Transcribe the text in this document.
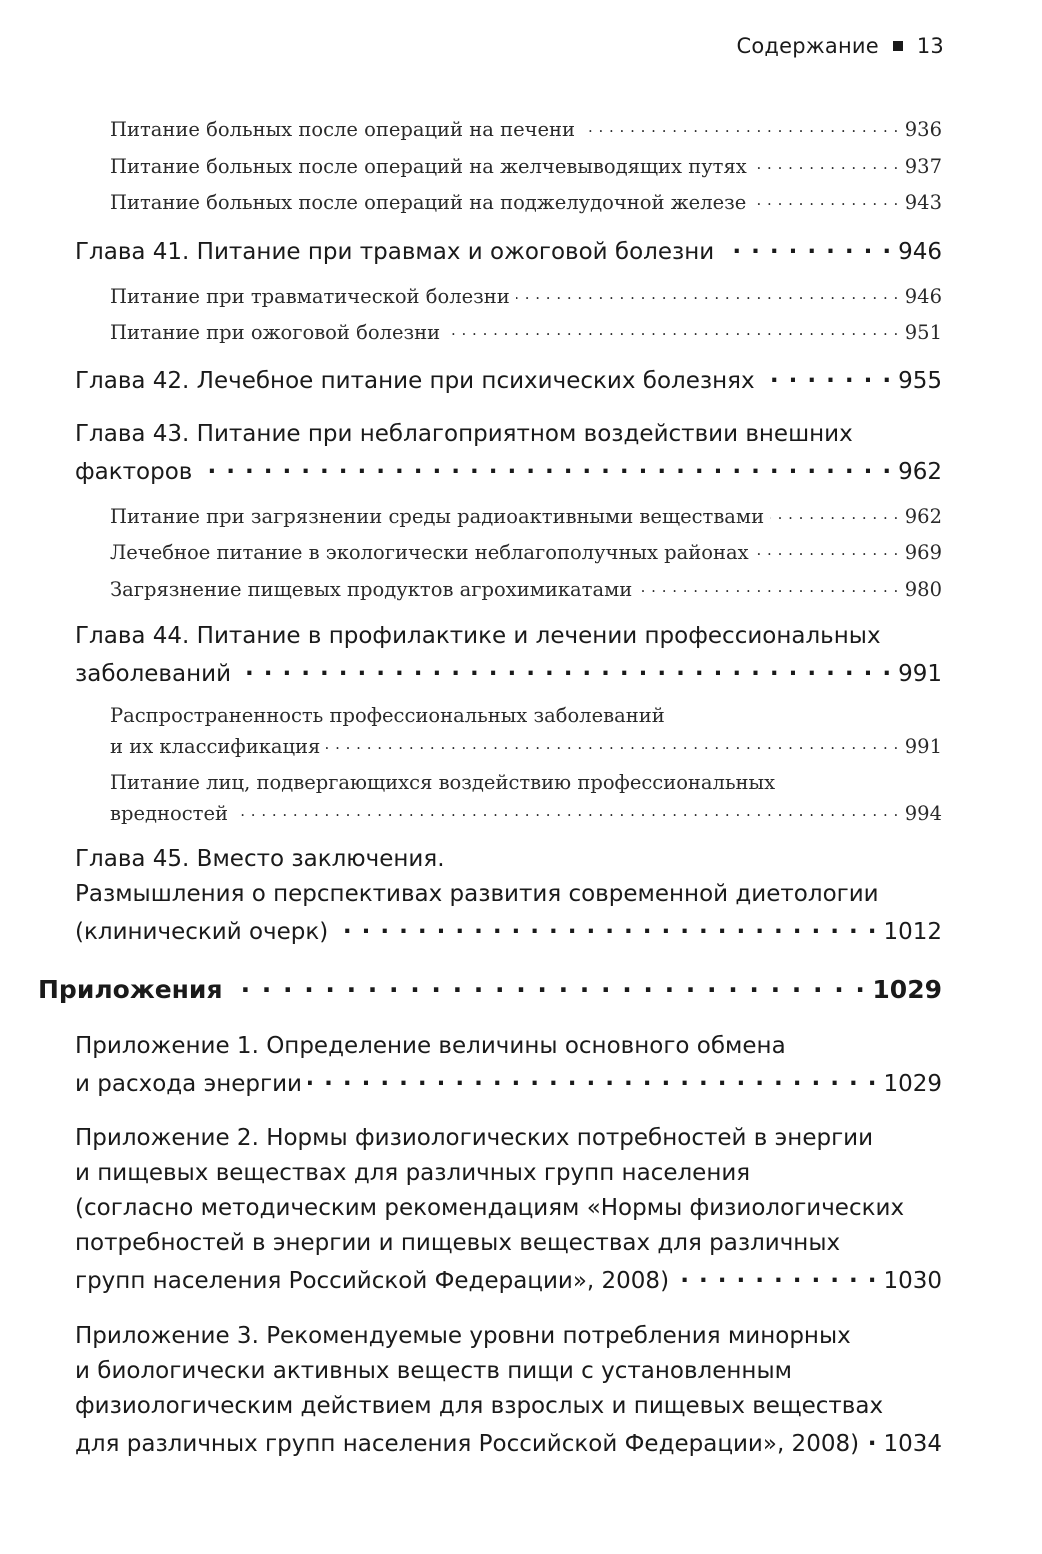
Содержание 13
Питание больных после операций на печени . . .	936
Питание больных после операций на желчевыводящих путях . . .	937
Питание больных после операций на поджелудочной железе . . .	943
Глава 41. Питание при травмах и ожоговой болезни . . .	946
Питание при травматической болезни . . .	946
Питание при ожоговой болезни . . .	951
Глава 42. Лечебное питание при психических болезнях . . .	955
Глава 43. Питание при неблагоприятном воздействии внешних
факторов . . .	962
Питание при загрязнении среды радиоактивными веществами . . .	962
Лечебное питание в экологически неблагополучных районах . . .	969
Загрязнение пищевых продуктов агрохимикатами . . .	980
Глава 44. Питание в профилактике и лечении профессиональных
заболеваний . . .	991
Распространенность профессиональных заболеваний
и их классификация . . .	991
Питание лиц, подвергающихся воздействию профессиональных
вредностей . . .	994
Глава 45. Вместо заключения.
Размышления о перспективах развития современной диетологии
(клинический очерк) . . .	1012
Приложения . . .	1029
Приложение 1. Определение величины основного обмена
и расхода энергии . . .	1029
Приложение 2. Нормы физиологических потребностей в энергии
и пищевых веществах для различных групп населения
(согласно методическим рекомендациям «Нормы физиологических
потребностей в энергии и пищевых веществах для различных
групп населения Российской Федерации», 2008) . . .	1030
Приложение 3. Рекомендуемые уровни потребления минорных
и биологически активных веществ пищи с установленным
физиологическим действием для взрослых и пищевых веществах
для различных групп населения Российской Федерации», 2008) . . . 1034
